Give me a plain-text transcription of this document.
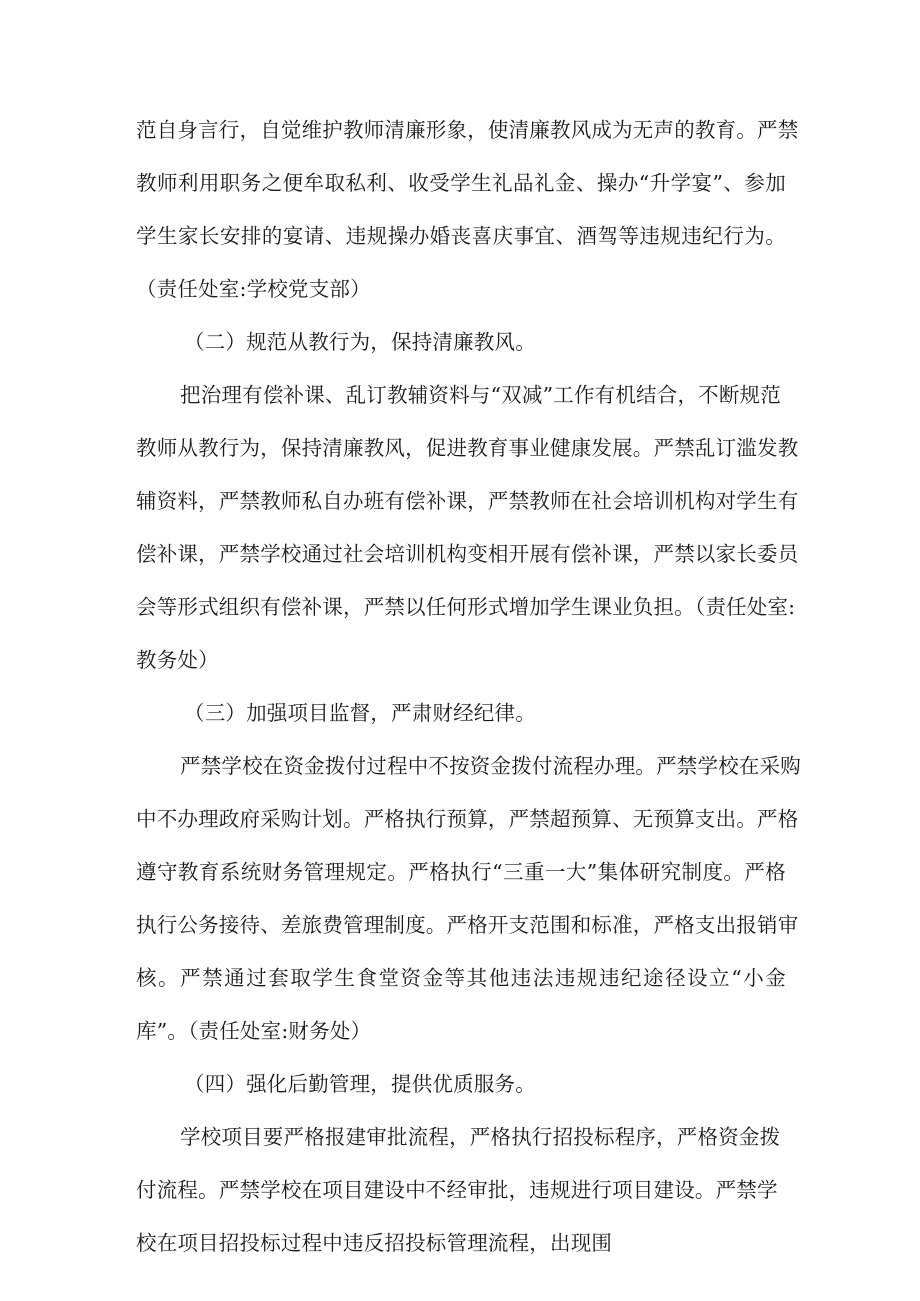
范自身言行，自觉维护教师清廉形象，使清廉教风成为无声的教育。严禁
教师利用职务之便牟取私利、收受学生礼品礼金、操办“升学宴”、参加
学生家长安排的宴请、违规操办婚丧喜庆事宜、酒驾等违规违纪行为。
（责任处室:学校党支部）
（二）规范从教行为，保持清廉教风。
把治理有偿补课、乱订教辅资料与“双减”工作有机结合，不断规范
教师从教行为，保持清廉教风，促进教育事业健康发展。严禁乱订滥发教
辅资料，严禁教师私自办班有偿补课，严禁教师在社会培训机构对学生有
偿补课，严禁学校通过社会培训机构变相开展有偿补课，严禁以家长委员
会等形式组织有偿补课，严禁以任何形式增加学生课业负担。（责任处室:
教务处）
（三）加强项目监督，严肃财经纪律。
严禁学校在资金拨付过程中不按资金拨付流程办理。严禁学校在采购
中不办理政府采购计划。严格执行预算，严禁超预算、无预算支出。严格
遵守教育系统财务管理规定。严格执行“三重一大”集体研究制度。严格
执行公务接待、差旅费管理制度。严格开支范围和标准，严格支出报销审
核。严禁通过套取学生食堂资金等其他违法违规违纪途径设立“小金
库”。（责任处室:财务处）
（四）强化后勤管理，提供优质服务。
学校项目要严格报建审批流程，严格执行招投标程序，严格资金拨
付流程。严禁学校在项目建设中不经审批，违规进行项目建设。严禁学
校在项目招投标过程中违反招投标管理流程，出现围
